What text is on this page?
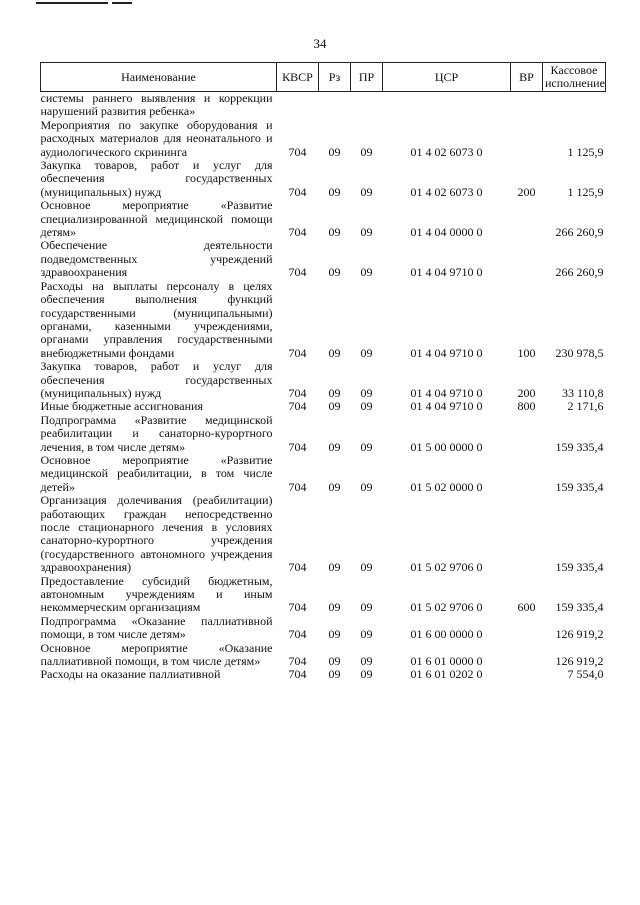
34
Наименование	КВСР	Рз	ПР	ЦСР	ВР	Кассовое исполнение
системы раннего выявления и коррекции нарушений развития ребенка»						
Мероприятия по закупке оборудования и расходных материалов для неонатального и аудиологического скрининга	704	09	09	01 4 02 6073 0		1 125,9
Закупка товаров, работ и услуг для обеспечения государственных (муниципальных) нужд	704	09	09	01 4 02 6073 0	200	1 125,9
Основное мероприятие «Развитие специализированной медицинской помощи детям»	704	09	09	01 4 04 0000 0		266 260,9
Обеспечение деятельности подведомственных учреждений здравоохранения	704	09	09	01 4 04 9710 0		266 260,9
Расходы на выплаты персоналу в целях обеспечения выполнения функций государственными (муниципальными) органами, казенными учреждениями, органами управления государственными внебюджетными фондами	704	09	09	01 4 04 9710 0	100	230 978,5
Закупка товаров, работ и услуг для обеспечения государственных (муниципальных) нужд	704	09	09	01 4 04 9710 0	200	33 110,8
Иные бюджетные ассигнования	704	09	09	01 4 04 9710 0	800	2 171,6
Подпрограмма «Развитие медицинской реабилитации и санаторно-курортного лечения, в том числе детям»	704	09	09	01 5 00 0000 0		159 335,4
Основное мероприятие «Развитие медицинской реабилитации, в том числе детей»	704	09	09	01 5 02 0000 0		159 335,4
Организация долечивания (реабилитации) работающих граждан непосредственно после стационарного лечения в условиях санаторно-курортного учреждения (государственного автономного учреждения здравоохранения)	704	09	09	01 5 02 9706 0		159 335,4
Предоставление субсидий бюджетным, автономным учреждениям и иным некоммерческим организациям	704	09	09	01 5 02 9706 0	600	159 335,4
Подпрограмма «Оказание паллиативной помощи, в том числе детям»	704	09	09	01 6 00 0000 0		126 919,2
Основное мероприятие «Оказание паллиативной помощи, в том числе детям»	704	09	09	01 6 01 0000 0		126 919,2
Расходы на оказание паллиативной	704	09	09	01 6 01 0202 0		7 554,0
